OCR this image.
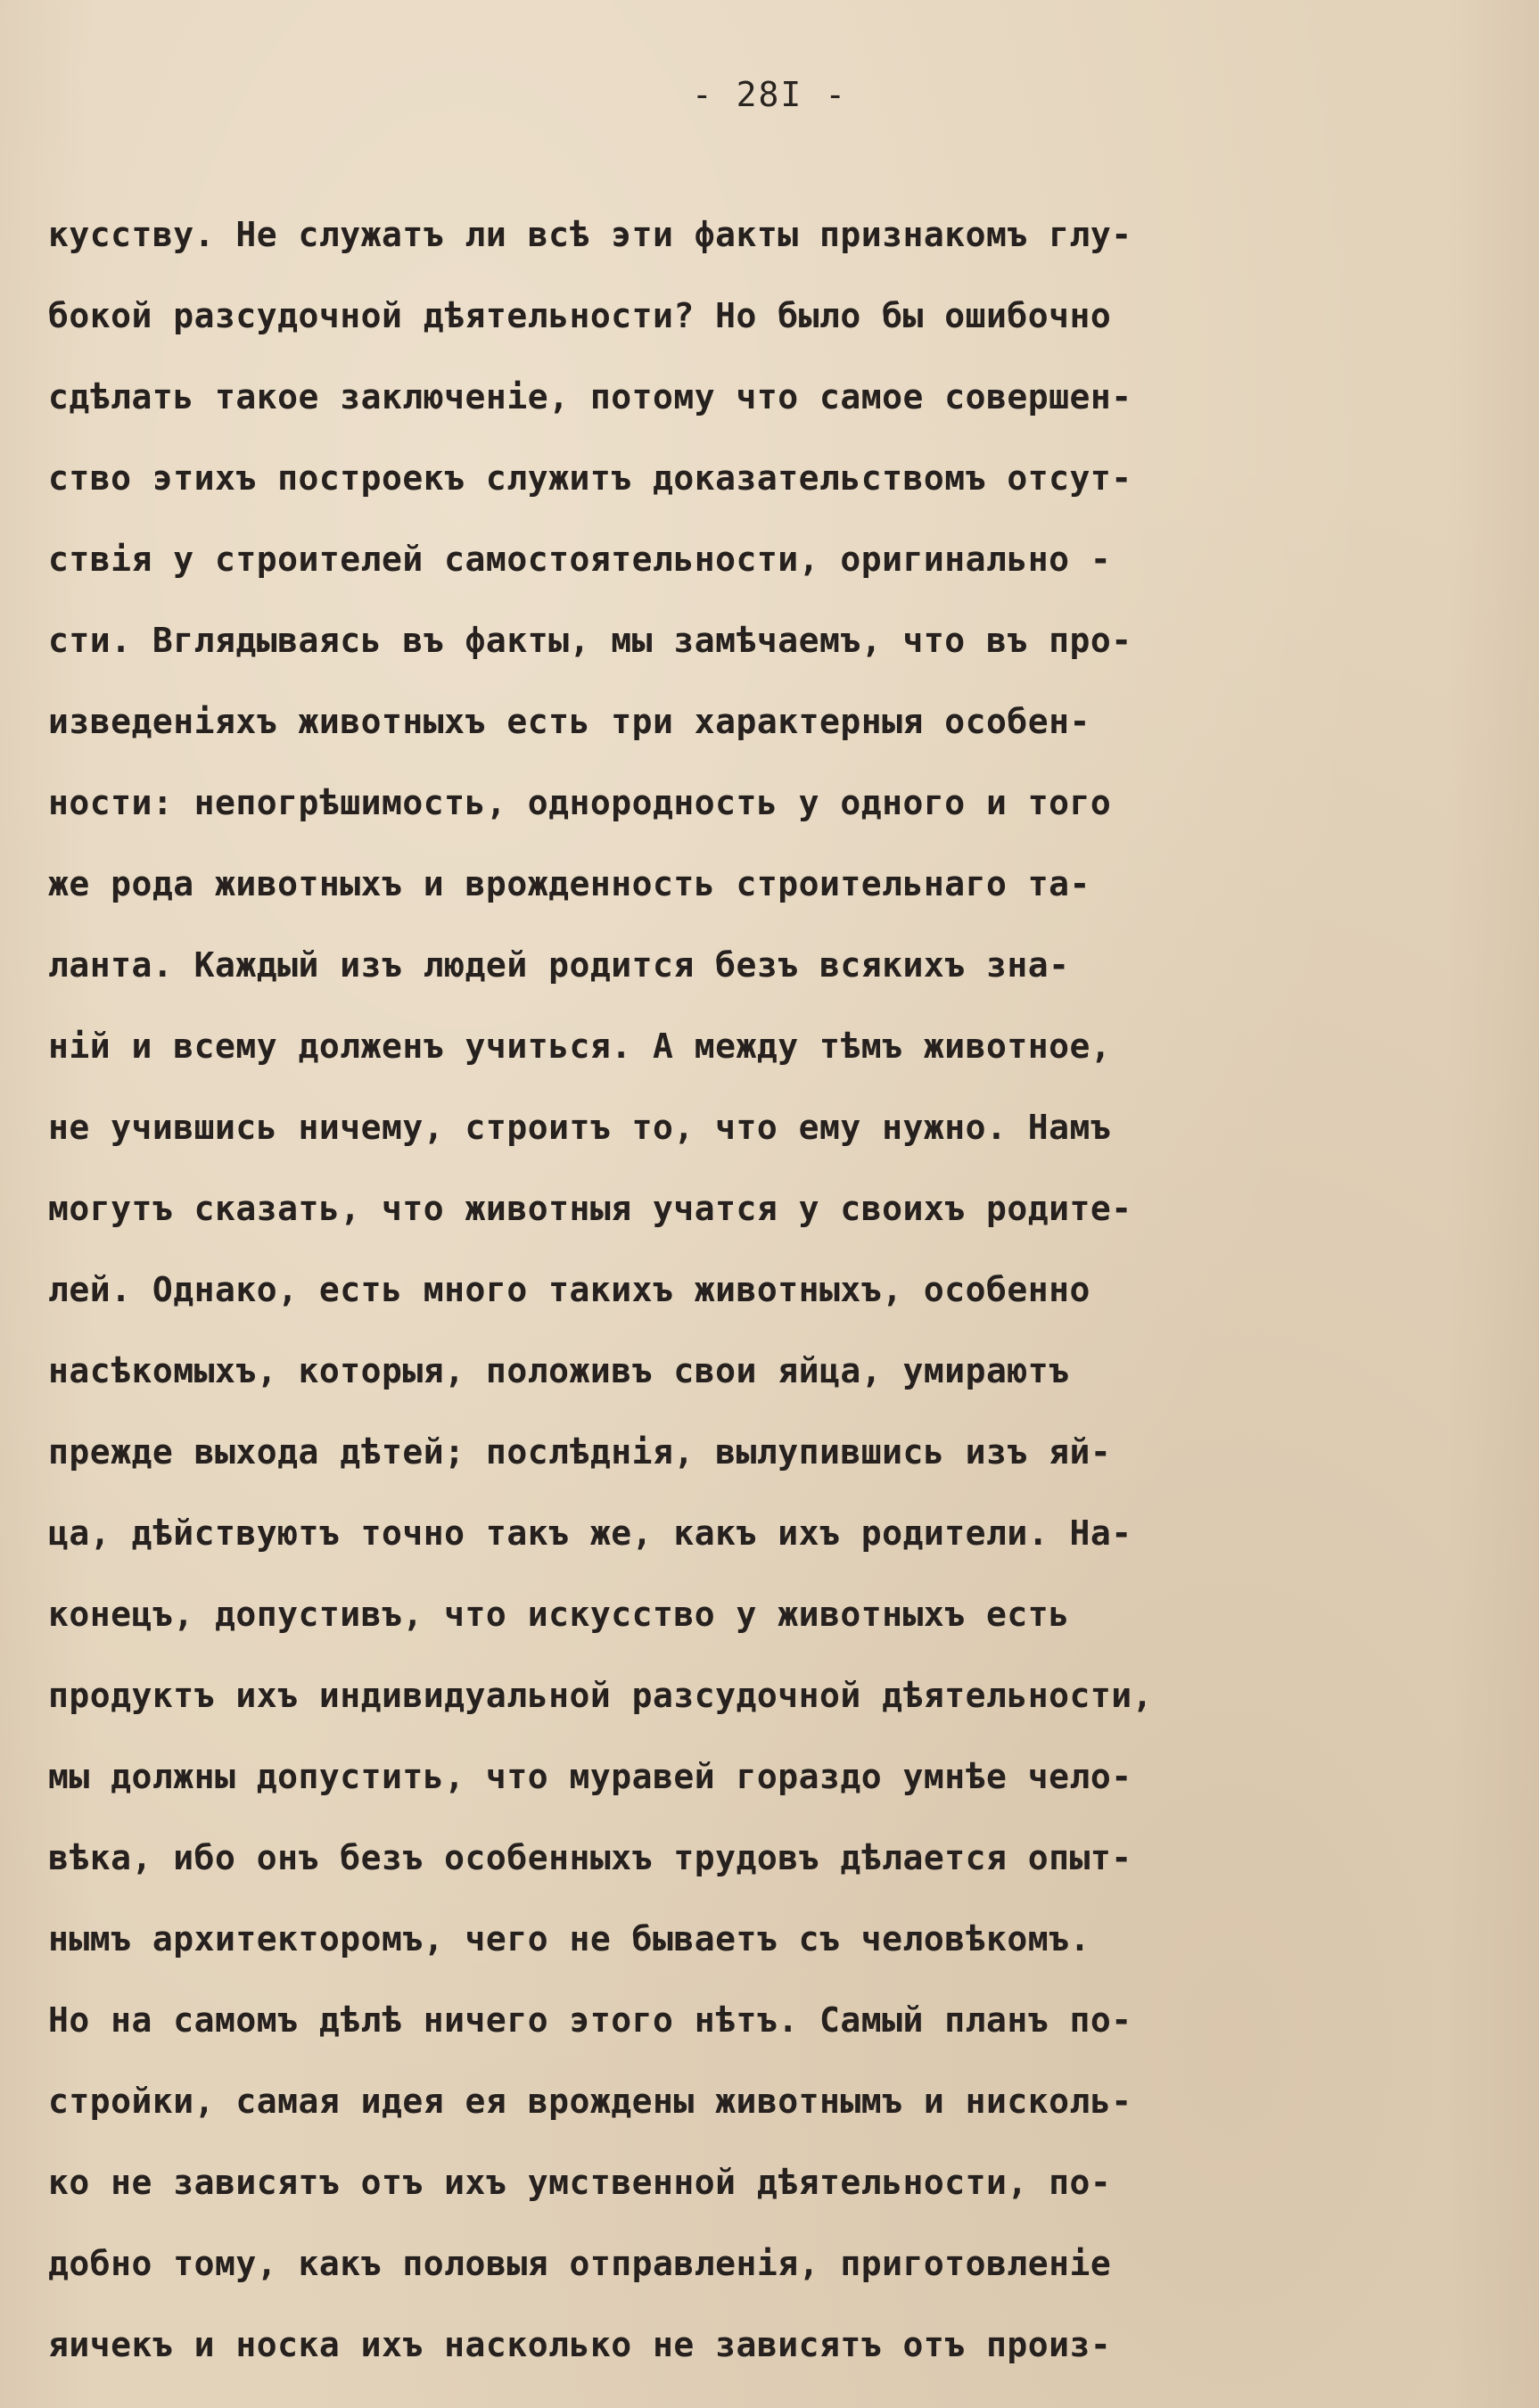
- 28I -
кусству. Не служатъ ли всѣ эти факты признакомъ глу-
бокой разсудочной дѣятельности? Но было бы ошибочно
сдѣлать такое заключенiе, потому что самое совершен-
ство этихъ построекъ служитъ доказательствомъ отсут-
ствiя у строителей самостоятельности, оригинально -
сти. Вглядываясь въ факты, мы замѣчаемъ, что въ про-
изведенiяхъ животныхъ есть три характерныя особен-
ности: непогрѣшимость, однородность у одного и того
же рода животныхъ и врожденность строительнаго та-
ланта. Каждый изъ людей родится безъ всякихъ зна-
нiй и всему долженъ учиться. А между тѣмъ животное,
не учившись ничему, строитъ то, что ему нужно. Намъ
могутъ сказать, что животныя учатся у своихъ родите-
лей. Однако, есть много такихъ животныхъ, особенно
насѣкомыхъ, которыя, положивъ свои яйца, умираютъ
прежде выхода дѣтей; послѣднiя, вылупившись изъ яй-
ца, дѣйствуютъ точно такъ же, какъ ихъ родители. На-
конецъ, допустивъ, что искусство у животныхъ есть
продуктъ ихъ индивидуальной разсудочной дѣятельности,
мы должны допустить, что муравей гораздо умнѣе чело-
вѣка, ибо онъ безъ особенныхъ трудовъ дѣлается опыт-
нымъ архитекторомъ, чего не бываетъ съ человѣкомъ.
Но на самомъ дѣлѣ ничего этого нѣтъ. Самый планъ по-
стройки, самая идея ея врождены животнымъ и нисколь-
ко не зависятъ отъ ихъ умственной дѣятельности, по-
добно тому, какъ половыя отправленiя, приготовленiе
яичекъ и носка ихъ насколько не зависятъ отъ произ-
